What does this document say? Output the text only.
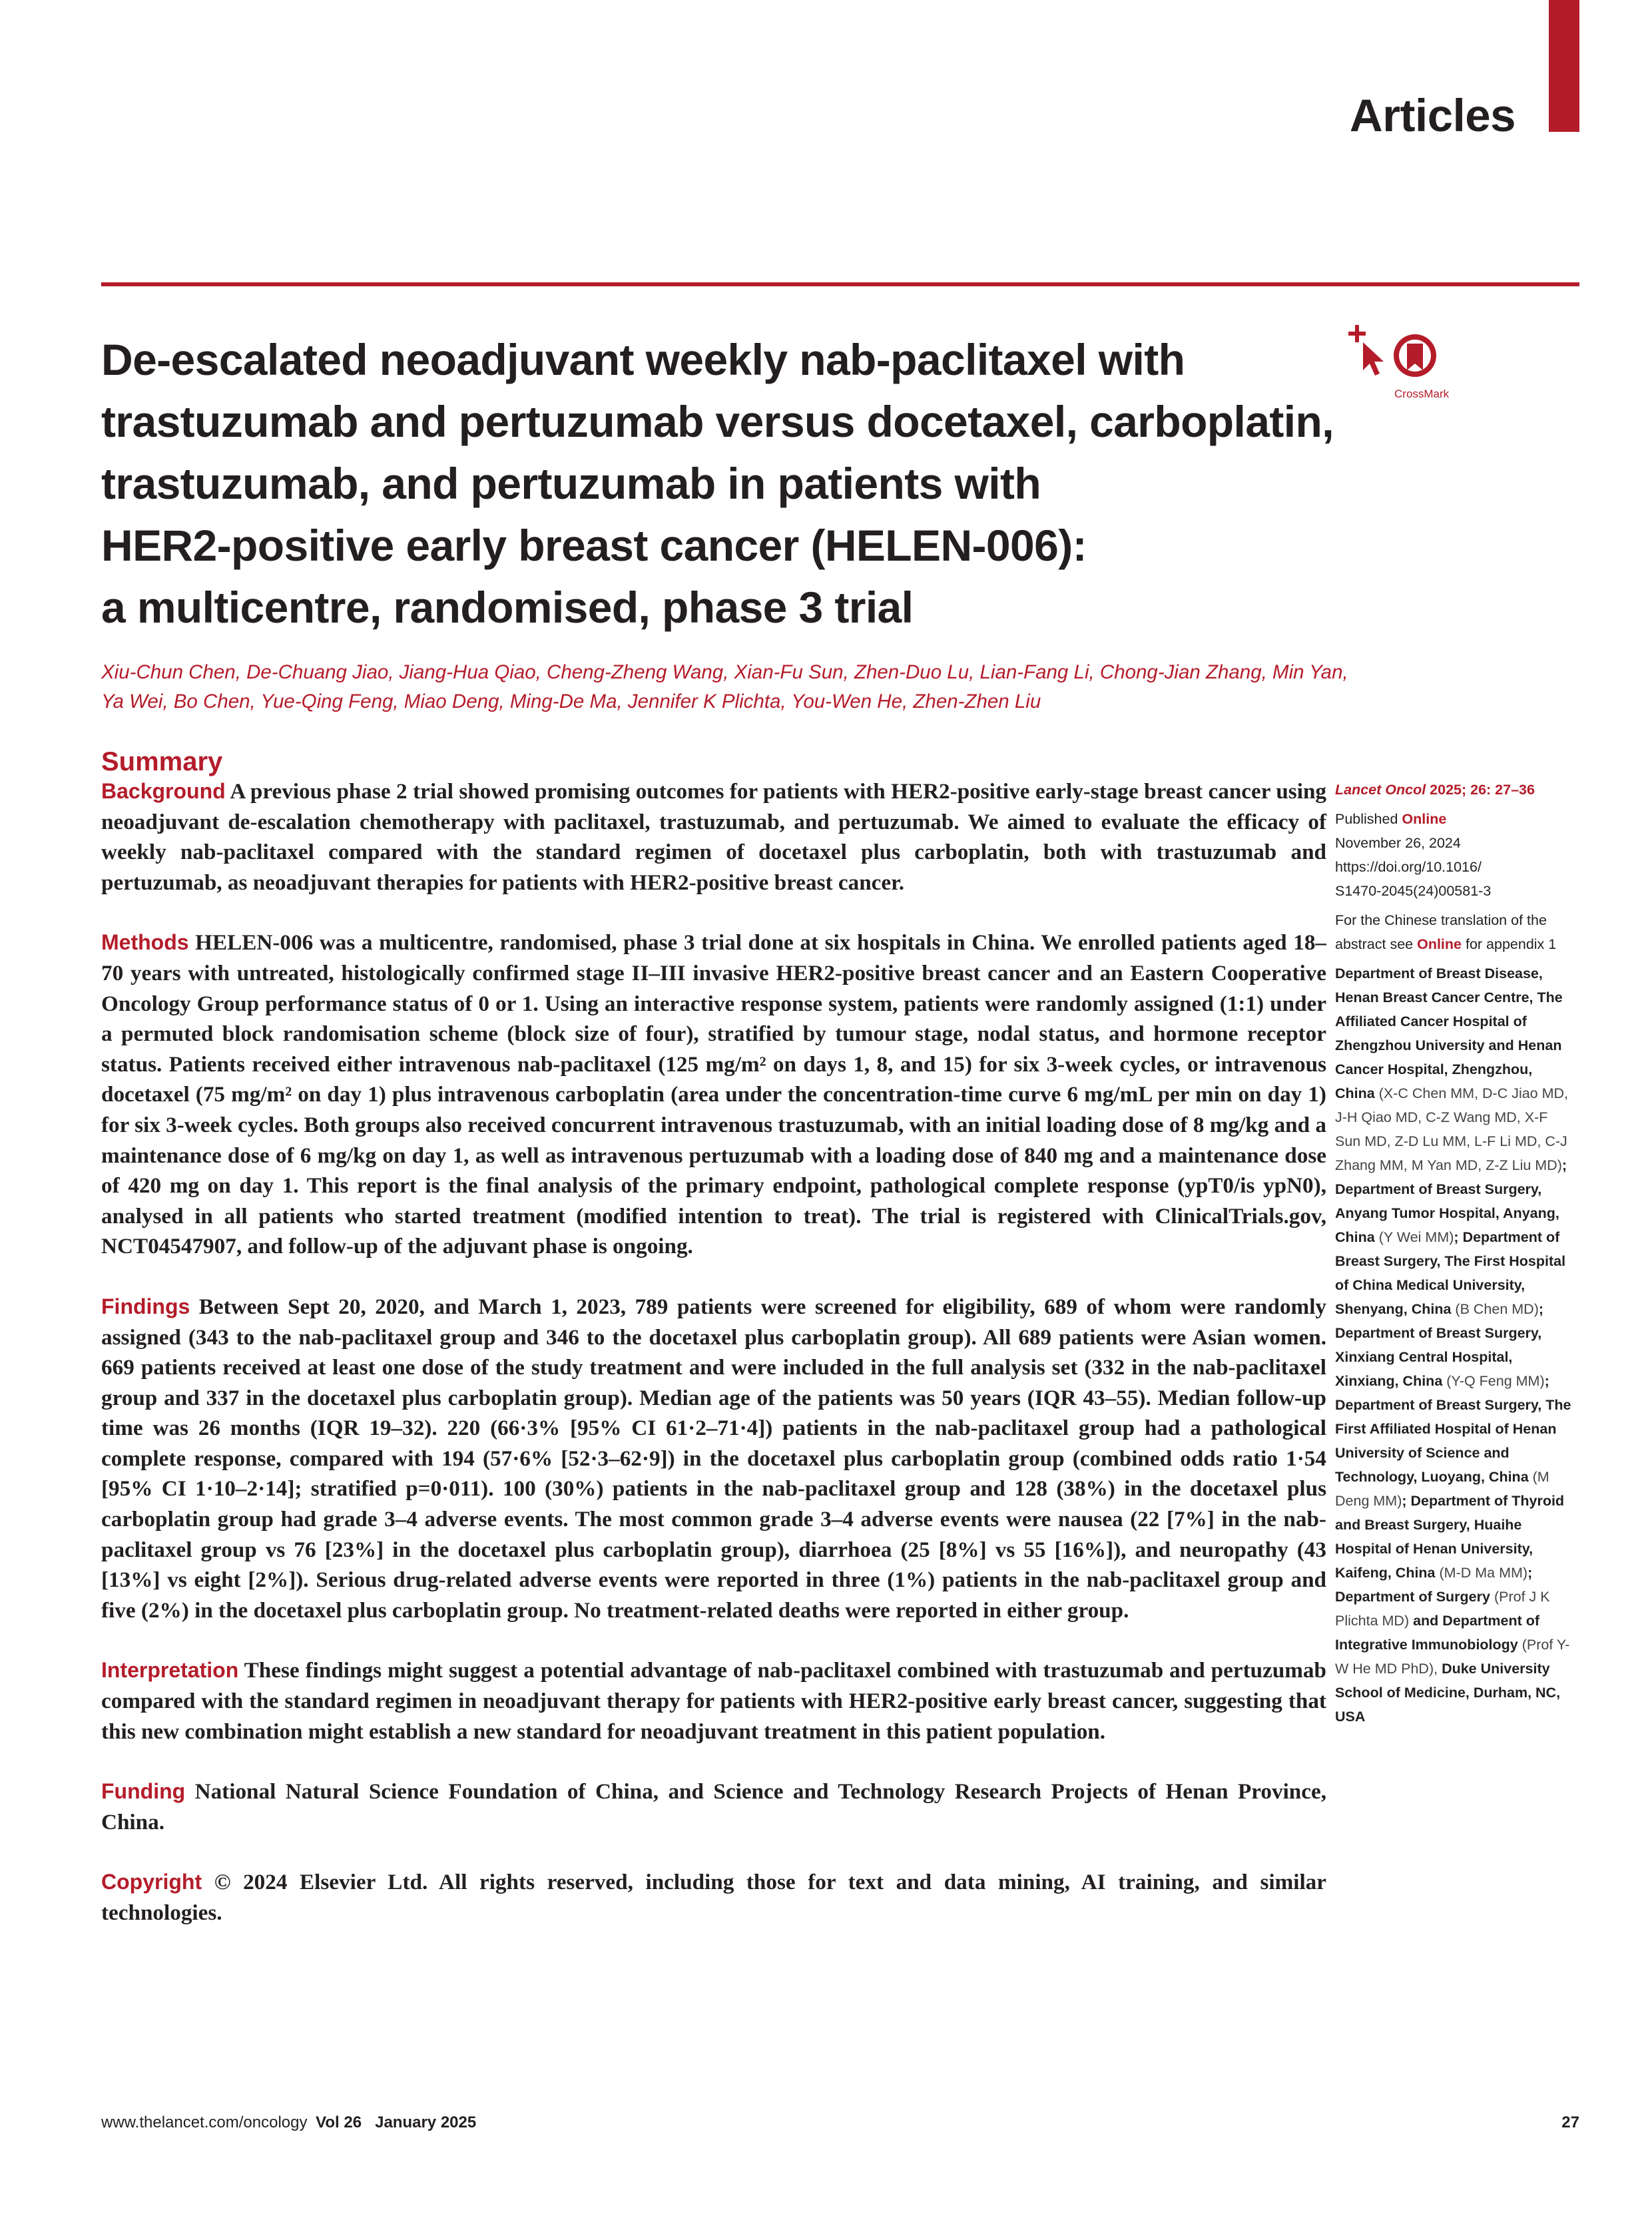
Articles
De-escalated neoadjuvant weekly nab-paclitaxel with
trastuzumab and pertuzumab versus docetaxel, carboplatin,
trastuzumab, and pertuzumab in patients with
HER2-positive early breast cancer (HELEN-006):
a multicentre, randomised, phase 3 trial
CrossMark
Xiu-Chun Chen, De-Chuang Jiao, Jiang-Hua Qiao, Cheng-Zheng Wang, Xian-Fu Sun, Zhen-Duo Lu, Lian-Fang Li, Chong-Jian Zhang, Min Yan,
Ya Wei, Bo Chen, Yue-Qing Feng, Miao Deng, Ming-De Ma, Jennifer K Plichta, You-Wen He, Zhen-Zhen Liu
Summary

Background A previous phase 2 trial showed promising outcomes for patients with HER2-positive early-stage breast cancer using neoadjuvant de-escalation chemotherapy with paclitaxel, trastuzumab, and pertuzumab. We aimed to evaluate the efficacy of weekly nab-paclitaxel compared with the standard regimen of docetaxel plus carboplatin, both with trastuzumab and pertuzumab, as neoadjuvant therapies for patients with HER2-positive breast cancer.

Methods HELEN-006 was a multicentre, randomised, phase 3 trial done at six hospitals in China. We enrolled patients aged 18–70 years with untreated, histologically confirmed stage II–III invasive HER2-positive breast cancer and an Eastern Cooperative Oncology Group performance status of 0 or 1. Using an interactive response system, patients were randomly assigned (1:1) under a permuted block randomisation scheme (block size of four), stratified by tumour stage, nodal status, and hormone receptor status. Patients received either intravenous nab-paclitaxel (125 mg/m² on days 1, 8, and 15) for six 3-week cycles, or intravenous docetaxel (75 mg/m² on day 1) plus intravenous carboplatin (area under the concentration-time curve 6 mg/mL per min on day 1) for six 3-week cycles. Both groups also received concurrent intravenous trastuzumab, with an initial loading dose of 8 mg/kg and a maintenance dose of 6 mg/kg on day 1, as well as intravenous pertuzumab with a loading dose of 840 mg and a maintenance dose of 420 mg on day 1. This report is the final analysis of the primary endpoint, pathological complete response (ypT0/is ypN0), analysed in all patients who started treatment (modified intention to treat). The trial is registered with ClinicalTrials.gov, NCT04547907, and follow-up of the adjuvant phase is ongoing.

Findings Between Sept 20, 2020, and March 1, 2023, 789 patients were screened for eligibility, 689 of whom were randomly assigned (343 to the nab-paclitaxel group and 346 to the docetaxel plus carboplatin group). All 689 patients were Asian women. 669 patients received at least one dose of the study treatment and were included in the full analysis set (332 in the nab-paclitaxel group and 337 in the docetaxel plus carboplatin group). Median age of the patients was 50 years (IQR 43–55). Median follow-up time was 26 months (IQR 19–32). 220 (66·3% [95% CI 61·2–71·4]) patients in the nab-paclitaxel group had a pathological complete response, compared with 194 (57·6% [52·3–62·9]) in the docetaxel plus carboplatin group (combined odds ratio 1·54 [95% CI 1·10–2·14]; stratified p=0·011). 100 (30%) patients in the nab-paclitaxel group and 128 (38%) in the docetaxel plus carboplatin group had grade 3–4 adverse events. The most common grade 3–4 adverse events were nausea (22 [7%] in the nab-paclitaxel group vs 76 [23%] in the docetaxel plus carboplatin group), diarrhoea (25 [8%] vs 55 [16%]), and neuropathy (43 [13%] vs eight [2%]). Serious drug-related adverse events were reported in three (1%) patients in the nab-paclitaxel group and five (2%) in the docetaxel plus carboplatin group. No treatment-related deaths were reported in either group.

Interpretation These findings might suggest a potential advantage of nab-paclitaxel combined with trastuzumab and pertuzumab compared with the standard regimen in neoadjuvant therapy for patients with HER2-positive early breast cancer, suggesting that this new combination might establish a new standard for neoadjuvant treatment in this patient population.

Funding National Natural Science Foundation of China, and Science and Technology Research Projects of Henan Province, China.

Copyright © 2024 Elsevier Ltd. All rights reserved, including those for text and data mining, AI training, and similar technologies.

Lancet Oncol 2025; 26: 27–36
Published Online
November 26, 2024
https://doi.org/10.1016/
S1470-2045(24)00581-3
For the Chinese translation of the abstract see Online for appendix 1
Department of Breast Disease, Henan Breast Cancer Centre, The Affiliated Cancer Hospital of Zhengzhou University and Henan Cancer Hospital, Zhengzhou, China (X-C Chen MM, D-C Jiao MD, J-H Qiao MD, C-Z Wang MD, X-F Sun MD, Z-D Lu MM, L-F Li MD, C-J Zhang MM, M Yan MD, Z-Z Liu MD); Department of Breast Surgery, Anyang Tumor Hospital, Anyang, China (Y Wei MM); Department of Breast Surgery, The First Hospital of China Medical University, Shenyang, China (B Chen MD); Department of Breast Surgery, Xinxiang Central Hospital, Xinxiang, China (Y-Q Feng MM); Department of Breast Surgery, The First Affiliated Hospital of Henan University of Science and Technology, Luoyang, China (M Deng MM); Department of Thyroid and Breast Surgery, Huaihe Hospital of Henan University, Kaifeng, China (M-D Ma MM); Department of Surgery (Prof J K Plichta MD) and Department of Integrative Immunobiology (Prof Y-W He MD PhD), Duke University School of Medicine, Durham, NC, USA
www.thelancet.com/oncology Vol 26   January 2025	27
